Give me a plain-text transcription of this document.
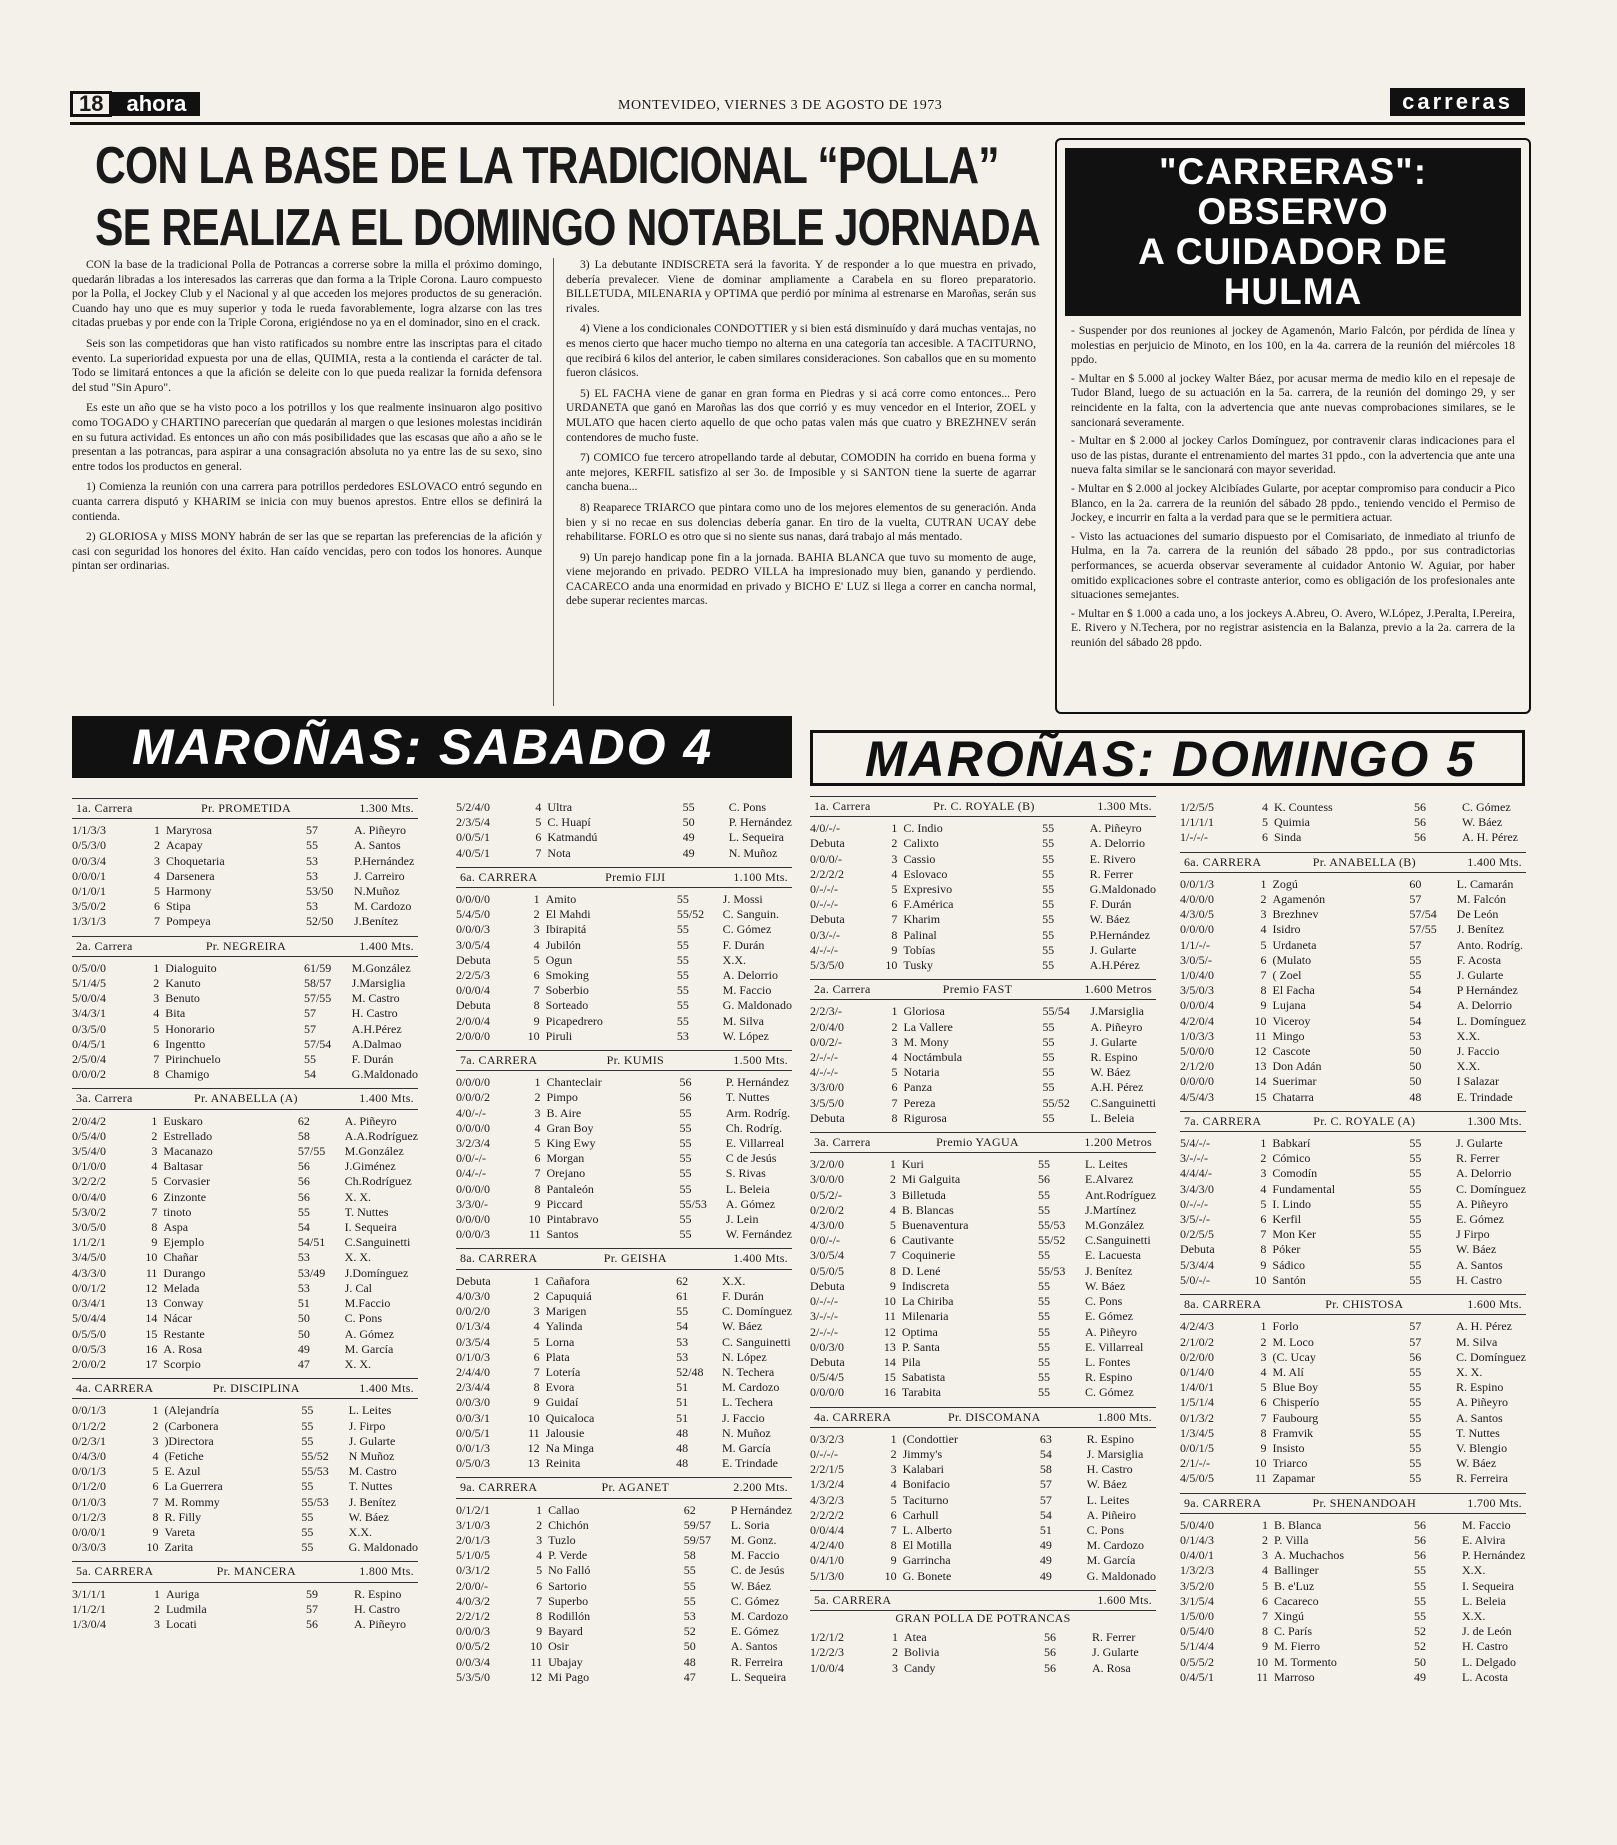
18	ahora	MONTEVIDEO, VIERNES 3 DE AGOSTO DE 1973	carreras
CON LA BASE DE LA TRADICIONAL “POLLA”
SE REALIZA EL DOMINGO NOTABLE JORNADA

CON la base de la tradicional Polla de Potrancas a correrse sobre la milla el próximo domingo, quedarán libradas a los interesados las carreras que dan forma a la Triple Corona. Lauro compuesto por la Polla, el Jockey Club y el Nacional y al que acceden los mejores productos de su generación. Cuando hay uno que es muy superior y toda le rueda favorablemente, logra alzarse con las tres citadas pruebas y por ende con la Triple Corona, erigiéndose no ya en el dominador, sino en el crack.

Seis son las competidoras que han visto ratificados su nombre entre las inscriptas para el citado evento. La superioridad expuesta por una de ellas, QUIMIA, resta a la contienda el carácter de tal. Todo se limitará entonces a que la afición se deleite con lo que pueda realizar la fornida defensora del stud "Sin Apuro".

Es este un año que se ha visto poco a los potrillos y los que realmente insinuaron algo positivo como TOGADO y CHARTINO parecerían que quedarán al margen o que lesiones molestas incidirán en su futura actividad. Es entonces un año con más posibilidades que las escasas que año a año se le presentan a las potrancas, para aspirar a una consagración absoluta no ya entre las de su sexo, sino entre todos los productos en general.

1) Comienza la reunión con una carrera para potrillos perdedores ESLOVACO entró segundo en cuanta carrera disputó y KHARIM se inicia con muy buenos aprestos. Entre ellos se definirá la contienda.

2) GLORIOSA y MISS MONY habrán de ser las que se repartan las preferencias de la afición y casi con seguridad los honores del éxito. Han caído vencidas, pero con todos los honores. Aunque pintan ser ordinarias.

3) La debutante INDISCRETA será la favorita. Y de responder a lo que muestra en privado, debería prevalecer. Viene de dominar ampliamente a Carabela en su floreo preparatorio. BILLETUDA, MILENARIA y OPTIMA que perdió por mínima al estrenarse en Maroñas, serán sus rivales.

4) Viene a los condicionales CONDOTTIER y si bien está disminuído y dará muchas ventajas, no es menos cierto que hacer mucho tiempo no alterna en una categoría tan accesible. A TACITURNO, que recibirá 6 kilos del anterior, le caben similares consideraciones. Son caballos que en su momento fueron clásicos.

5) EL FACHA viene de ganar en gran forma en Piedras y si acá corre como entonces... Pero URDANETA que ganó en Maroñas las dos que corrió y es muy vencedor en el Interior, ZOEL y MULATO que hacen cierto aquello de que ocho patas valen más que cuatro y BREZHNEV serán contendores de mucho fuste.

7) COMICO fue tercero atropellando tarde al debutar, COMODIN ha corrido en buena forma y ante mejores, KERFIL satisfizo al ser 3o. de Imposible y si SANTON tiene la suerte de agarrar cancha buena...

8) Reaparece TRIARCO que pintara como uno de los mejores elementos de su generación. Anda bien y si no recae en sus dolencias debería ganar. En tiro de la vuelta, CUTRAN UCAY debe rehabilitarse. FORLO es otro que si no siente sus nanas, dará trabajo al más mentado.

9) Un parejo handicap pone fin a la jornada. BAHIA BLANCA que tuvo su momento de auge, viene mejorando en privado. PEDRO VILLA ha impresionado muy bien, ganando y perdiendo. CACARECO anda una enormidad en privado y BICHO E' LUZ si llega a correr en cancha normal, debe superar recientes marcas.

"CARRERAS": OBSERVO
A CUIDADOR DE HULMA

- Suspender por dos reuniones al jockey de Agamenón, Mario Falcón, por pérdida de línea y molestias en perjuicio de Minoto, en los 100, en la 4a. carrera de la reunión del miércoles 18 ppdo.

- Multar en $ 5.000 al jockey Walter Báez, por acusar merma de medio kilo en el repesaje de Tudor Bland, luego de su actuación en la 5a. carrera, de la reunión del domingo 29, y ser reincidente en la falta, con la advertencia que ante nuevas comprobaciones similares, se le sancionará severamente.

- Multar en $ 2.000 al jockey Carlos Domínguez, por contravenir claras indicaciones para el uso de las pistas, durante el entrenamiento del martes 31 ppdo., con la advertencia que ante una nueva falta similar se le sancionará con mayor severidad.

- Multar en $ 2.000 al jockey Alcibíades Gularte, por aceptar compromiso para conducir a Pico Blanco, en la 2a. carrera de la reunión del sábado 28 ppdo., teniendo vencido el Permiso de Jockey, e incurrir en falta a la verdad para que se le permitiera actuar.

- Visto las actuaciones del sumario dispuesto por el Comisariato, de inmediato al triunfo de Hulma, en la 7a. carrera de la reunión del sábado 28 ppdo., por sus contradictorias performances, se acuerda observar severamente al cuidador Antonio W. Aguiar, por haber omitido explicaciones sobre el contraste anterior, como es obligación de los profesionales ante situaciones semejantes.

- Multar en $ 1.000 a cada uno, a los jockeys A.Abreu, O. Avero, W.López, J.Peralta, I.Pereira, E. Rivero y N.Techera, por no registrar asistencia en la Balanza, previo a la 2a. carrera de la reunión del sábado 28 ppdo.

MAROÑAS: SABADO 4	MAROÑAS: DOMINGO 5
1a. Carrera	Pr. PROMETIDA	1.300 Mts.
1/1/3/3	1	Maryrosa	57	A. Piñeyro
0/5/3/0	2	Acapay	55	A. Santos
0/0/3/4	3	Choquetaria	53	P.Hernández
0/0/0/1	4	Darsenera	53	J. Carreiro
0/1/0/1	5	Harmony	53/50	N.Muñoz
3/5/0/2	6	Stipa	53	M. Cardozo
1/3/1/3	7	Pompeya	52/50	J.Benítez
2a. Carrera	Pr. NEGREIRA	1.400 Mts.
0/5/0/0	1	Dialoguito	61/59	M.González
5/1/4/5	2	Kanuto	58/57	J.Marsiglia
5/0/0/4	3	Benuto	57/55	M. Castro
3/4/3/1	4	Bita	57	H. Castro
0/3/5/0	5	Honorario	57	A.H.Pérez
0/4/5/1	6	Ingentto	57/54	A.Dalmao
2/5/0/4	7	Pirinchuelo	55	F. Durán
0/0/0/2	8	Chamigo	54	G.Maldonado
3a. Carrera	Pr. ANABELLA (A)	1.400 Mts.
2/0/4/2	1	Euskaro	62	A. Piñeyro
0/5/4/0	2	Estrellado	58	A.A.Rodríguez
3/5/4/0	3	Macanazo	57/55	M.González
0/1/0/0	4	Baltasar	56	J.Giménez
3/2/2/2	5	Corvasier	56	Ch.Rodríguez
0/0/4/0	6	Zinzonte	56	X. X.
5/3/0/2	7	tinoto	55	T. Nuttes
3/0/5/0	8	Aspa	54	I. Sequeira
1/1/2/1	9	Ejemplo	54/51	C.Sanguinetti
3/4/5/0	10	Chañar	53	X. X.
4/3/3/0	11	Durango	53/49	J.Domínguez
0/0/1/2	12	Melada	53	J. Cal
0/3/4/1	13	Conway	51	M.Faccio
5/0/4/4	14	Nácar	50	C. Pons
0/5/5/0	15	Restante	50	A. Gómez
0/0/5/3	16	A. Rosa	49	M. García
2/0/0/2	17	Scorpio	47	X. X.
4a. CARRERA	Pr. DISCIPLINA	1.400 Mts.
0/0/1/3	1	(Alejandría	55	L. Leites
0/1/2/2	2	(Carbonera	55	J. Firpo
0/2/3/1	3	)Directora	55	J. Gularte
0/4/3/0	4	(Fetiche	55/52	N Muñoz
0/0/1/3	5	E. Azul	55/53	M. Castro
0/1/2/0	6	La Guerrera	55	T. Nuttes
0/1/0/3	7	M. Rommy	55/53	J. Benítez
0/1/2/3	8	R. Filly	55	W. Báez
0/0/0/1	9	Vareta	55	X.X.
0/3/0/3	10	Zarita	55	G. Maldonado
5a. CARRERA	Pr. MANCERA	1.800 Mts.
3/1/1/1	1	Auriga	59	R. Espino
1/1/2/1	2	Ludmila	57	H. Castro
1/3/0/4	3	Locati	56	A. Piñeyro
5/2/4/0	4	Ultra	55	C. Pons
2/3/5/4	5	C. Huapí	50	P. Hernández
0/0/5/1	6	Katmandú	49	L. Sequeira
4/0/5/1	7	Nota	49	N. Muñoz
6a. CARRERA	Premio FIJI	1.100 Mts.
0/0/0/0	1	Amito	55	J. Mossi
5/4/5/0	2	El Mahdi	55/52	C. Sanguin.
0/0/0/3	3	Ibirapitá	55	C. Gómez
3/0/5/4	4	Jubilón	55	F. Durán
Debuta	5	Ogun	55	X.X.
2/2/5/3	6	Smoking	55	A. Delorrio
0/0/0/4	7	Soberbio	55	M. Faccio
Debuta	8	Sorteado	55	G. Maldonado
2/0/0/4	9	Picapedrero	55	M. Silva
2/0/0/0	10	Piruli	53	W. López
7a. CARRERA	Pr. KUMIS	1.500 Mts.
0/0/0/0	1	Chanteclair	56	P. Hernández
0/0/0/2	2	Pimpo	56	T. Nuttes
4/0/-/-	3	B. Aire	55	Arm. Rodríg.
0/0/0/0	4	Gran Boy	55	Ch. Rodríg.
3/2/3/4	5	King Ewy	55	E. Villarreal
0/0/-/-	6	Morgan	55	C de Jesús
0/4/-/-	7	Orejano	55	S. Rivas
0/0/0/0	8	Pantaleón	55	L. Beleia
3/3/0/-	9	Piccard	55/53	A. Gómez
0/0/0/0	10	Pintabravo	55	J. Lein
0/0/0/3	11	Santos	55	W. Fernández
8a. CARRERA	Pr. GEISHA	1.400 Mts.
Debuta	1	Cañafora	62	X.X.
4/0/3/0	2	Capuquiá	61	F. Durán
0/0/2/0	3	Marigen	55	C. Domínguez
0/1/3/4	4	Yalinda	54	W. Báez
0/3/5/4	5	Lorna	53	C. Sanguinetti
0/1/0/3	6	Plata	53	N. López
2/4/4/0	7	Lotería	52/48	N. Techera
2/3/4/4	8	Evora	51	M. Cardozo
0/0/3/0	9	Guidaí	51	L. Techera
0/0/3/1	10	Quicaloca	51	J. Faccio
0/0/5/1	11	Jalousie	48	N. Muñoz
0/0/1/3	12	Na Minga	48	M. García
0/5/0/3	13	Reinita	48	E. Trindade
9a. CARRERA	Pr. AGANET	2.200 Mts.
0/1/2/1	1	Callao	62	P Hernández
3/1/0/3	2	Chichón	59/57	L. Soria
2/0/1/3	3	Tuzlo	59/57	M. Gonz.
5/1/0/5	4	P. Verde	58	M. Faccio
0/3/1/2	5	No Falló	55	C. de Jesús
2/0/0/-	6	Sartorio	55	W. Báez
4/0/3/2	7	Superbo	55	C. Gómez
2/2/1/2	8	Rodillón	53	M. Cardozo
0/0/0/3	9	Bayard	52	E. Gómez
0/0/5/2	10	Osir	50	A. Santos
0/0/3/4	11	Ubajay	48	R. Ferreira
5/3/5/0	12	Mi Pago	47	L. Sequeira
1a. Carrera	Pr. C. ROYALE (B)	1.300 Mts.
4/0/-/-	1	C. Indio	55	A. Piñeyro
Debuta	2	Calixto	55	A. Delorrio
0/0/0/-	3	Cassio	55	E. Rivero
2/2/2/2	4	Eslovaco	55	R. Ferrer
0/-/-/-	5	Expresivo	55	G.Maldonado
0/-/-/-	6	F.América	55	F. Durán
Debuta	7	Kharim	55	W. Báez
0/3/-/-	8	Palinal	55	P.Hernández
4/-/-/-	9	Tobías	55	J. Gularte
5/3/5/0	10	Tusky	55	A.H.Pérez
2a. Carrera	Premio FAST	1.600 Metros
2/2/3/-	1	Gloriosa	55/54	J.Marsiglia
2/0/4/0	2	La Vallere	55	A. Piñeyro
0/0/2/-	3	M. Mony	55	J. Gularte
2/-/-/-	4	Noctámbula	55	R. Espino
4/-/-/-	5	Notaria	55	W. Báez
3/3/0/0	6	Panza	55	A.H. Pérez
3/5/5/0	7	Pereza	55/52	C.Sanguinetti
Debuta	8	Rigurosa	55	L. Beleia
3a. Carrera	Premio YAGUA	1.200 Metros
3/2/0/0	1	Kuri	55	L. Leites
3/0/0/0	2	Mi Galguita	56	E.Alvarez
0/5/2/-	3	Billetuda	55	Ant.Rodríguez
0/2/0/2	4	B. Blancas	55	J.Martínez
4/3/0/0	5	Buenaventura	55/53	M.González
0/0/-/-	6	Cautivante	55/52	C.Sanguinetti
3/0/5/4	7	Coquinerie	55	E. Lacuesta
0/5/0/5	8	D. Lené	55/53	J. Benítez
Debuta	9	Indiscreta	55	W. Báez
0/-/-/-	10	La Chiriba	55	C. Pons
3/-/-/-	11	Milenaria	55	E. Gómez
2/-/-/-	12	Optima	55	A. Piñeyro
0/0/3/0	13	P. Santa	55	E. Villarreal
Debuta	14	Pila	55	L. Fontes
0/5/4/5	15	Sabatista	55	R. Espino
0/0/0/0	16	Tarabita	55	C. Gómez
4a. CARRERA	Pr. DISCOMANA	1.800 Mts.
0/3/2/3	1	(Condottier	63	R. Espino
0/-/-/-	2	Jimmy's	54	J. Marsiglia
2/2/1/5	3	Kalabari	58	H. Castro
1/3/2/4	4	Bonifacio	57	W. Báez
4/3/2/3	5	Taciturno	57	L. Leites
2/2/2/2	6	Carhull	54	A. Piñeiro
0/0/4/4	7	L. Alberto	51	C. Pons
4/2/4/0	8	El Motilla	49	M. Cardozo
0/4/1/0	9	Garrincha	49	M. García
5/1/3/0	10	G. Bonete	49	G. Maldonado
5a. CARRERA	1.600 Mts.
GRAN POLLA DE POTRANCAS
1/2/1/2	1	Atea	56	R. Ferrer
1/2/2/3	2	Bolivia	56	J. Gularte
1/0/0/4	3	Candy	56	A. Rosa
1/2/5/5	4	K. Countess	56	C. Gómez
1/1/1/1	5	Quimia	56	W. Báez
1/-/-/-	6	Sinda	56	A. H. Pérez
6a. CARRERA	Pr. ANABELLA (B)	1.400 Mts.
0/0/1/3	1	Zogú	60	L. Camarán
4/0/0/0	2	Agamenón	57	M. Falcón
4/3/0/5	3	Brezhnev	57/54	De León
0/0/0/0	4	Isidro	57/55	J. Benítez
1/1/-/-	5	Urdaneta	57	Anto. Rodríg.
3/0/5/-	6	(Mulato	55	F. Acosta
1/0/4/0	7	( Zoel	55	J. Gularte
3/5/0/3	8	El Facha	54	P Hernández
0/0/0/4	9	Lujana	54	A. Delorrio
4/2/0/4	10	Viceroy	54	L. Domínguez
1/0/3/3	11	Mingo	53	X.X.
5/0/0/0	12	Cascote	50	J. Faccio
2/1/2/0	13	Don Adán	50	X.X.
0/0/0/0	14	Suerimar	50	I Salazar
4/5/4/3	15	Chatarra	48	E. Trindade
7a. CARRERA	Pr. C. ROYALE (A)	1.300 Mts.
5/4/-/-	1	Babkarí	55	J. Gularte
3/-/-/-	2	Cómico	55	R. Ferrer
4/4/4/-	3	Comodín	55	A. Delorrio
3/4/3/0	4	Fundamental	55	C. Domínguez
0/-/-/-	5	I. Lindo	55	A. Piñeyro
3/5/-/-	6	Kerfil	55	E. Gómez
0/2/5/5	7	Mon Ker	55	J Firpo
Debuta	8	Póker	55	W. Báez
5/3/4/4	9	Sádico	55	A. Santos
5/0/-/-	10	Santón	55	H. Castro
8a. CARRERA	Pr. CHISTOSA	1.600 Mts.
4/2/4/3	1	Forlo	57	A. H. Pérez
2/1/0/2	2	M. Loco	57	M. Silva
0/2/0/0	3	(C. Ucay	56	C. Domínguez
0/1/4/0	4	M. Alí	55	X. X.
1/4/0/1	5	Blue Boy	55	R. Espino
1/5/1/4	6	Chisperío	55	A. Piñeyro
0/1/3/2	7	Faubourg	55	A. Santos
1/3/4/5	8	Framvik	55	T. Nuttes
0/0/1/5	9	Insisto	55	V. Blengio
2/1/-/-	10	Triarco	55	W. Báez
4/5/0/5	11	Zapamar	55	R. Ferreira
9a. CARRERA	Pr. SHENANDOAH	1.700 Mts.
5/0/4/0	1	B. Blanca	56	M. Faccio
0/1/4/3	2	P. Villa	56	E. Alvira
0/4/0/1	3	A. Muchachos	56	P. Hernández
1/3/2/3	4	Ballinger	55	X.X.
3/5/2/0	5	B. e'Luz	55	I. Sequeira
3/1/5/4	6	Cacareco	55	L. Beleia
1/5/0/0	7	Xingú	55	X.X.
0/5/4/0	8	C. París	52	J. de León
5/1/4/4	9	M. Fierro	52	H. Castro
0/5/5/2	10	M. Tormento	50	L. Delgado
0/4/5/1	11	Marroso	49	L. Acosta
